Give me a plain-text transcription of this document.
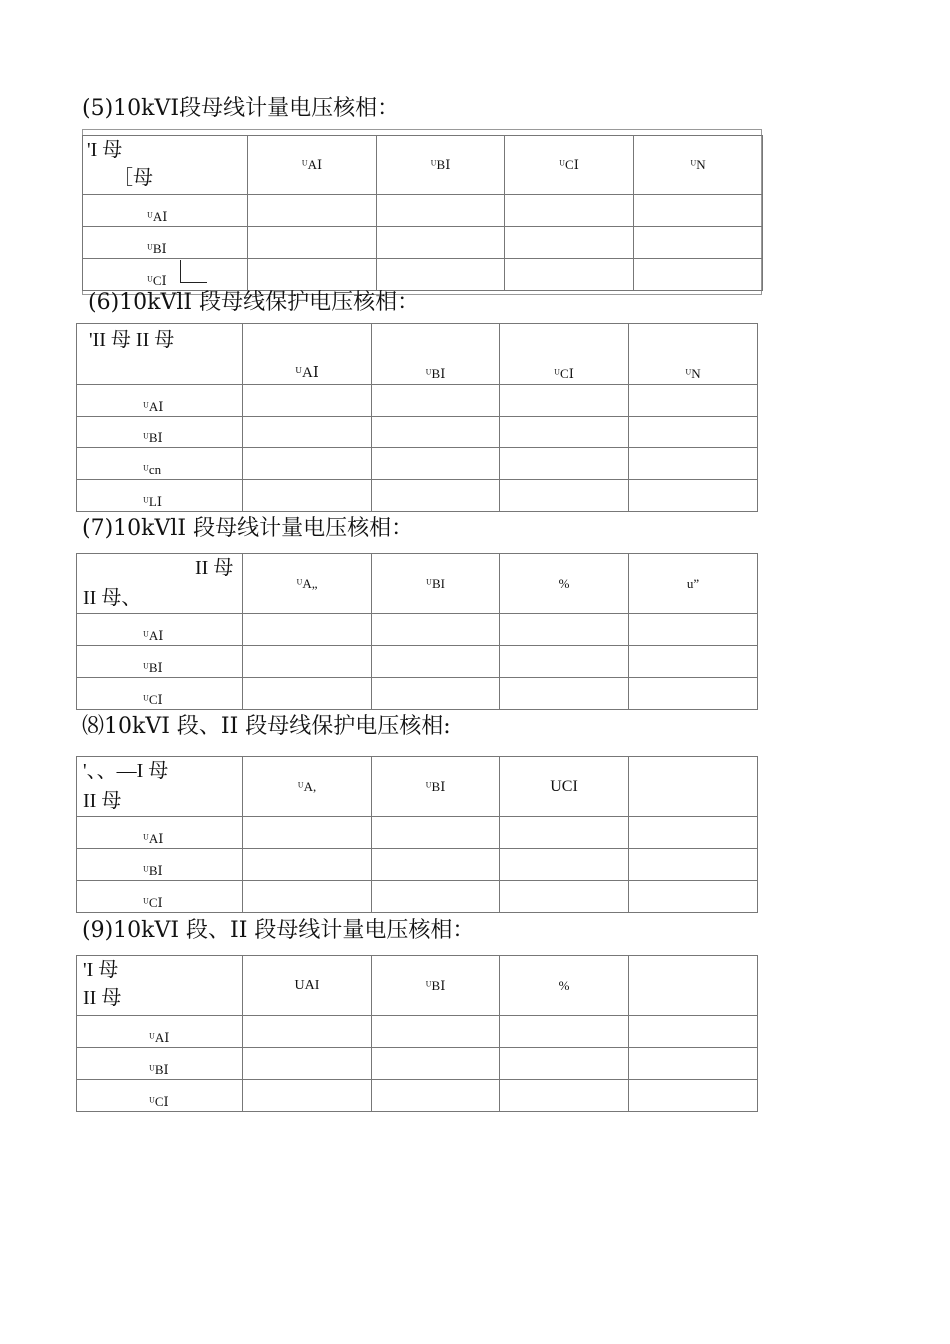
(5)10kVⅠ段母线计量电压核相：
'I 母
［母	ᵁAⅠ	ᵁBⅠ	ᵁCⅠ	ᵁN
ᵁAⅠ				
ᵁBⅠ				
ᵁCⅠ				
(6)10kVlI 段母线保护电压核相：
'II 母 II 母	ᵁAⅠ	ᵁBⅠ	ᵁCⅠ	ᵁN
ᵁAⅠ				
ᵁBⅠ				
ᵁcn				
ᵁLⅠ				
(7)10kVlI 段母线计量电压核相：
II 母
II 母、	ᵁA„	ᵁBI	%	u”
ᵁAⅠ				
ᵁBⅠ				
ᵁCⅠ				
⑻10kVI 段、II 段母线保护电压核相:
'、、—I 母
II 母	ᵁA,	ᵁBⅠ	UCI	
ᵁAⅠ				
ᵁBⅠ				
ᵁCⅠ				
(9)10kVI 段、II 段母线计量电压核相：
'I 母
II 母	UAI	ᵁBⅠ	%	
ᵁAⅠ				
ᵁBⅠ				
ᵁCⅠ				
